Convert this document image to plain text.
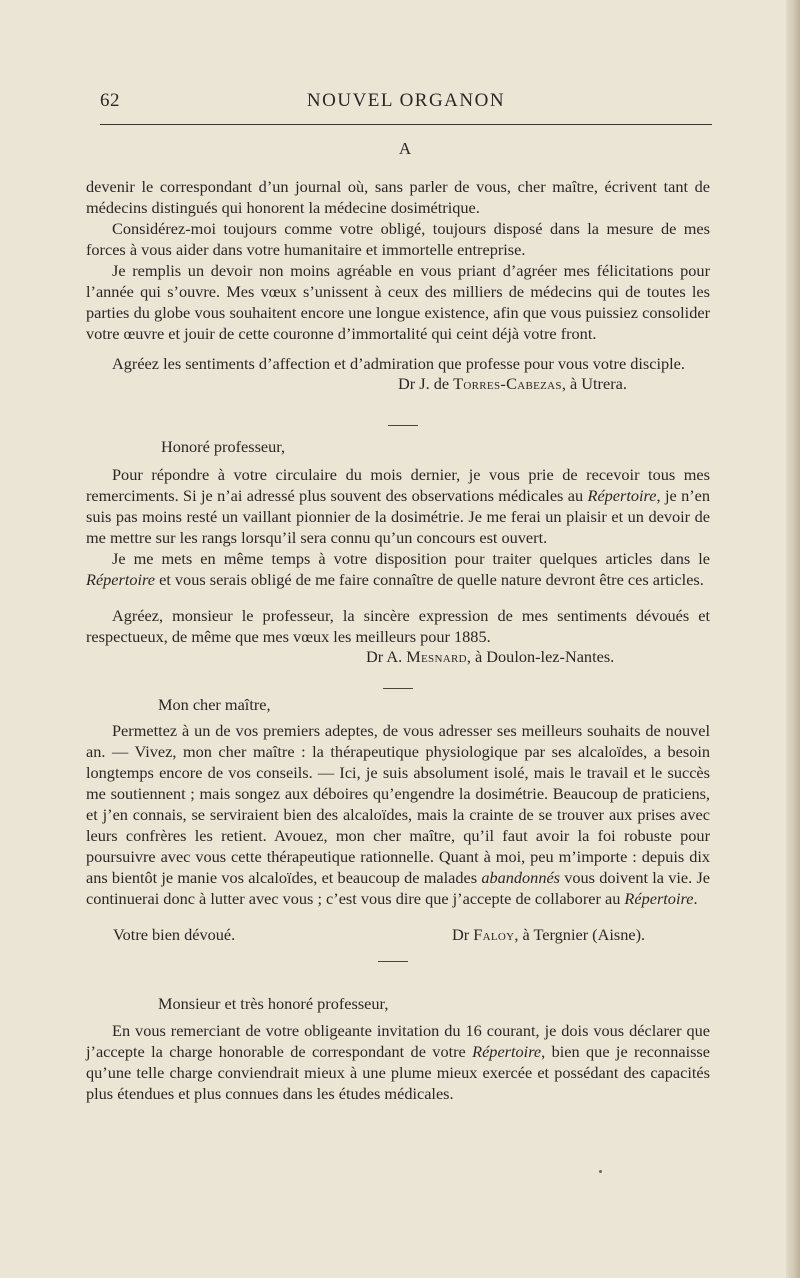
62	NOUVEL ORGANON
A

devenir le correspondant d’un journal où, sans parler de vous, cher maître, écrivent tant de médecins distingués qui honorent la médecine dosimétrique.

Considérez-moi toujours comme votre obligé, toujours disposé dans la mesure de mes forces à vous aider dans votre humanitaire et immortelle entreprise.

Je remplis un devoir non moins agréable en vous priant d’agréer mes félicitations pour l’année qui s’ouvre. Mes vœux s’unissent à ceux des milliers de médecins qui de toutes les parties du globe vous souhaitent encore une longue existence, afin que vous puissiez consolider votre œuvre et jouir de cette couronne d’immortalité qui ceint déjà votre front.

Agréez les sentiments d’affection et d’admiration que professe pour vous votre disciple.

Dr J. de Torres-Cabezas, à Utrera.
Honoré professeur,

Pour répondre à votre circulaire du mois dernier, je vous prie de recevoir tous mes remerciments. Si je n’ai adressé plus souvent des observations médicales au Répertoire, je n’en suis pas moins resté un vaillant pionnier de la dosimétrie. Je me ferai un plaisir et un devoir de me mettre sur les rangs lorsqu’il sera connu qu’un concours est ouvert.

Je me mets en même temps à votre disposition pour traiter quelques articles dans le Répertoire et vous serais obligé de me faire connaître de quelle nature devront être ces articles.

Agréez, monsieur le professeur, la sincère expression de mes sentiments dévoués et respectueux, de même que mes vœux les meilleurs pour 1885.

Dr A. Mesnard, à Doulon-lez-Nantes.
Mon cher maître,

Permettez à un de vos premiers adeptes, de vous adresser ses meilleurs souhaits de nouvel an. — Vivez, mon cher maître : la thérapeutique physiologique par ses alcaloïdes, a besoin longtemps encore de vos conseils. — Ici, je suis absolument isolé, mais le travail et le succès me soutiennent ; mais songez aux déboires qu’engendre la dosimétrie. Beaucoup de praticiens, et j’en connais, se serviraient bien des alcaloïdes, mais la crainte de se trouver aux prises avec leurs confrères les retient. Avouez, mon cher maître, qu’il faut avoir la foi robuste pour poursuivre avec vous cette thérapeutique rationnelle. Quant à moi, peu m’importe : depuis dix ans bientôt je manie vos alcaloïdes, et beaucoup de malades abandonnés vous doivent la vie. Je continuerai donc à lutter avec vous ; c’est vous dire que j’accepte de collaborer au Répertoire.

Votre bien dévoué.	Dr Faloy, à Tergnier (Aisne).
Monsieur et très honoré professeur,

En vous remerciant de votre obligeante invitation du 16 courant, je dois vous déclarer que j’accepte la charge honorable de correspondant de votre Répertoire, bien que je reconnaisse qu’une telle charge conviendrait mieux à une plume mieux exercée et possédant des capacités plus étendues et plus connues dans les études médicales.
